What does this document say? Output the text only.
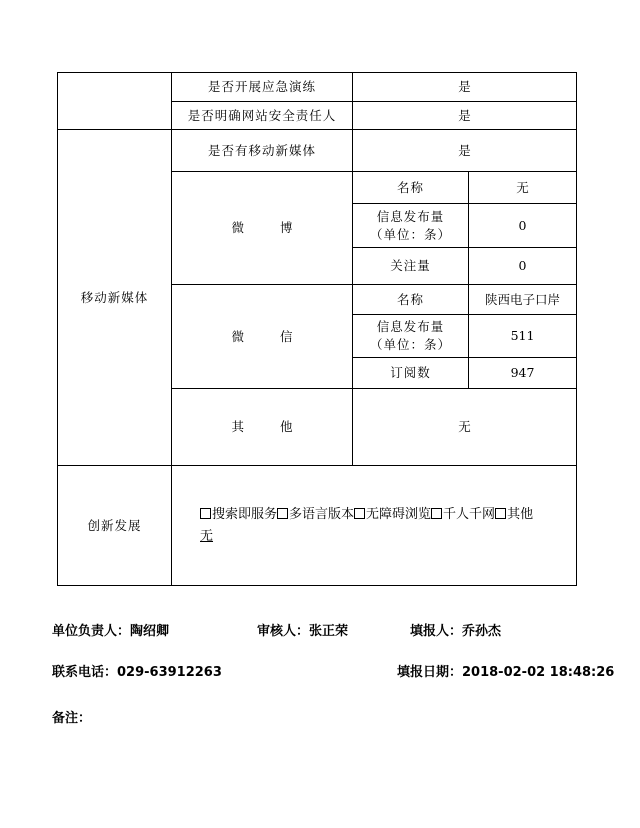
	是否开展应急演练	是	
	是否明确网站安全责任人	是	
移动新媒体	是否有移动新媒体	是	
	微 博	名称	无

		信息发布量
（单位：条）	0
		关注量	0
	微 信	名称	陕西电子口岸

		信息发布量
（单位：条）	511
		订阅数	947
	其 他	无	
创新发展	搜索即服务 多语言版本 无障碍浏览 千人千网 其他
无		
单位负责人：陶绍卿	审核人：张正荣	填报人：乔孙杰
联系电话：029-63912263	填报日期：2018-02-02 18:48:26
备注：
